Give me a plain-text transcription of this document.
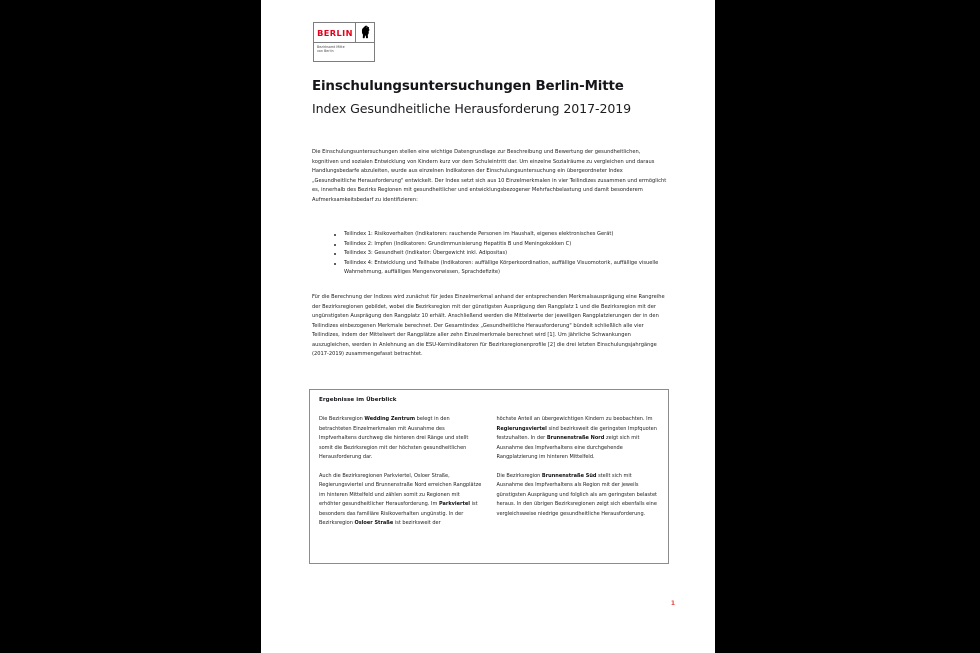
BERLIN
Bezirksamt Mitte
von Berlin
Einschulungsuntersuchungen Berlin-Mitte
Index Gesundheitliche Herausforderung 2017-2019

Die Einschulungsuntersuchungen stellen eine wichtige Datengrundlage zur Beschreibung und Bewertung der gesundheitlichen, kognitiven und sozialen Entwicklung von Kindern kurz vor dem Schuleintritt dar. Um einzelne Sozialräume zu vergleichen und daraus Handlungsbedarfe abzuleiten, wurde aus einzelnen Indikatoren der Einschulungsuntersuchung ein übergeordneter Index „Gesundheitliche Herausforderung" entwickelt. Der Index setzt sich aus 10 Einzelmerkmalen in vier Teilindizes zusammen und ermöglicht es, innerhalb des Bezirks Regionen mit gesundheitlicher und entwicklungsbezogener Mehrfachbelastung und damit besonderem Aufmerksamkeitsbedarf zu identifizieren:

Teilindex 1: Risikoverhalten (Indikatoren: rauchende Personen im Haushalt, eigenes elektronisches Gerät)
Teilindex 2: Impfen (Indikatoren: Grundimmunisierung Hepatitis B und Meningokokken C)
Teilindex 3: Gesundheit (Indikator: Übergewicht inkl. Adipositas)
Teilindex 4: Entwicklung und Teilhabe (Indikatoren: auffällige Körperkoordination, auffällige Visuomotorik, auffällige visuelle Wahrnehmung, auffälliges Mengenvorwissen, Sprachdefizite)

Für die Berechnung der Indizes wird zunächst für jedes Einzelmerkmal anhand der entsprechenden Merkmalsausprägung eine Rangreihe der Bezirksregionen gebildet, wobei die Bezirksregion mit der günstigsten Ausprägung den Rangplatz 1 und die Bezirksregion mit der ungünstigsten Ausprägung den Rangplatz 10 erhält. Anschließend werden die Mittelwerte der jeweiligen Rangplatzierungen der in den Teilindizes einbezogenen Merkmale berechnet. Der Gesamtindex „Gesundheitliche Herausforderung" bündelt schließlich alle vier Teilindizes, indem der Mittelwert der Rangplätze aller zehn Einzelmerkmale berechnet wird [1]. Um jährliche Schwankungen auszugleichen, werden in Anlehnung an die ESU-Kernindikatoren für Bezirksregionenprofile [2] die drei letzten Einschulungsjahrgänge (2017-2019) zusammengefasst betrachtet.

Ergebnisse im Überblick

Die Bezirksregion Wedding Zentrum belegt in den betrachteten Einzelmerkmalen mit Ausnahme des Impfverhaltens durchweg die hinteren drei Ränge und stellt somit die Bezirksregion mit der höchsten gesundheitlichen Herausforderung dar.

Auch die Bezirksregionen Parkviertel, Osloer Straße, Regierungsviertel und Brunnenstraße Nord erreichen Rangplätze im hinteren Mittelfeld und zählen somit zu Regionen mit erhöhter gesundheitlicher Herausforderung. Im Parkviertel ist besonders das familiäre Risikoverhalten ungünstig. In der Bezirksregion Osloer Straße ist bezirksweit der

höchste Anteil an übergewichtigen Kindern zu beobachten. Im Regierungsviertel sind bezirksweit die geringsten Impfquoten festzuhalten. In der Brunnenstraße Nord zeigt sich mit Ausnahme des Impfverhaltens eine durchgehende Rangplatzierung im hinteren Mittelfeld.

Die Bezirksregion Brunnenstraße Süd stellt sich mit Ausnahme des Impfverhaltens als Region mit der jeweils günstigsten Ausprägung und folglich als am geringsten belastet heraus. In den übrigen Bezirksregionen zeigt sich ebenfalls eine vergleichsweise niedrige gesundheitliche Herausforderung.

1
